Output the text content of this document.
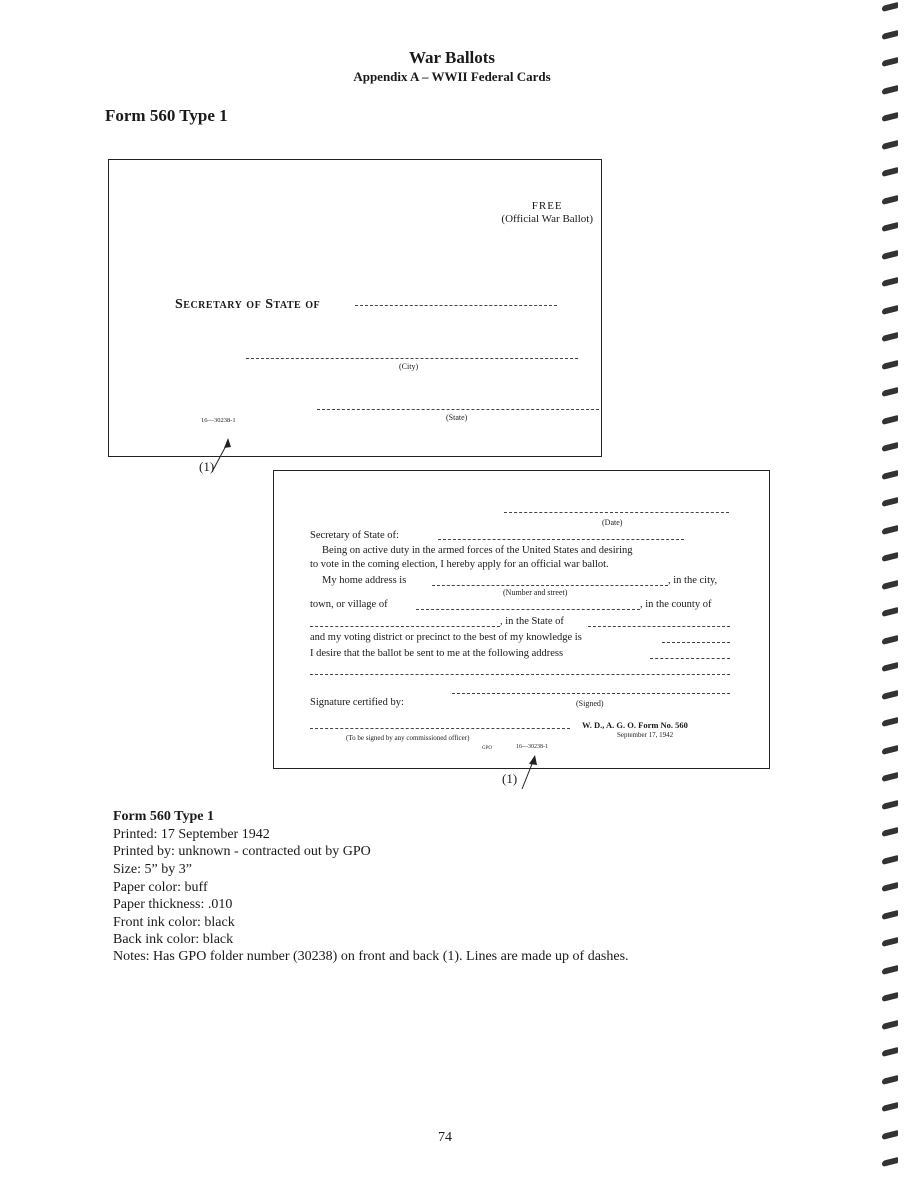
War Ballots
Appendix A – WWII Federal Cards
Form 560 Type 1
FREE
(Official War Ballot)
Secretary of State of
(City)
(State)
16—30238-1
(1)
(Date)
Secretary of State of:
Being on active duty in the armed forces of the United States and desiring
to vote in the coming election, I hereby apply for an official war ballot.
My home address is	, in the city,
(Number and street)
town, or village of	, in the county of
, in the State of
and my voting district or precinct to the best of my knowledge is
I desire that the ballot be sent to me at the following address
(Signed)
Signature certified by:
(To be signed by any commissioned officer)
GPO	16—30238-1
W. D., A. G. O. Form No. 560
September 17, 1942
(1)
Form 560 Type 1
Printed: 17 September 1942
Printed by: unknown - contracted out by GPO
Size: 5” by 3”
Paper color: buff
Paper thickness: .010
Front ink color: black
Back ink color: black
Notes: Has GPO folder number (30238) on front and back (1). Lines are made up of dashes.
74
